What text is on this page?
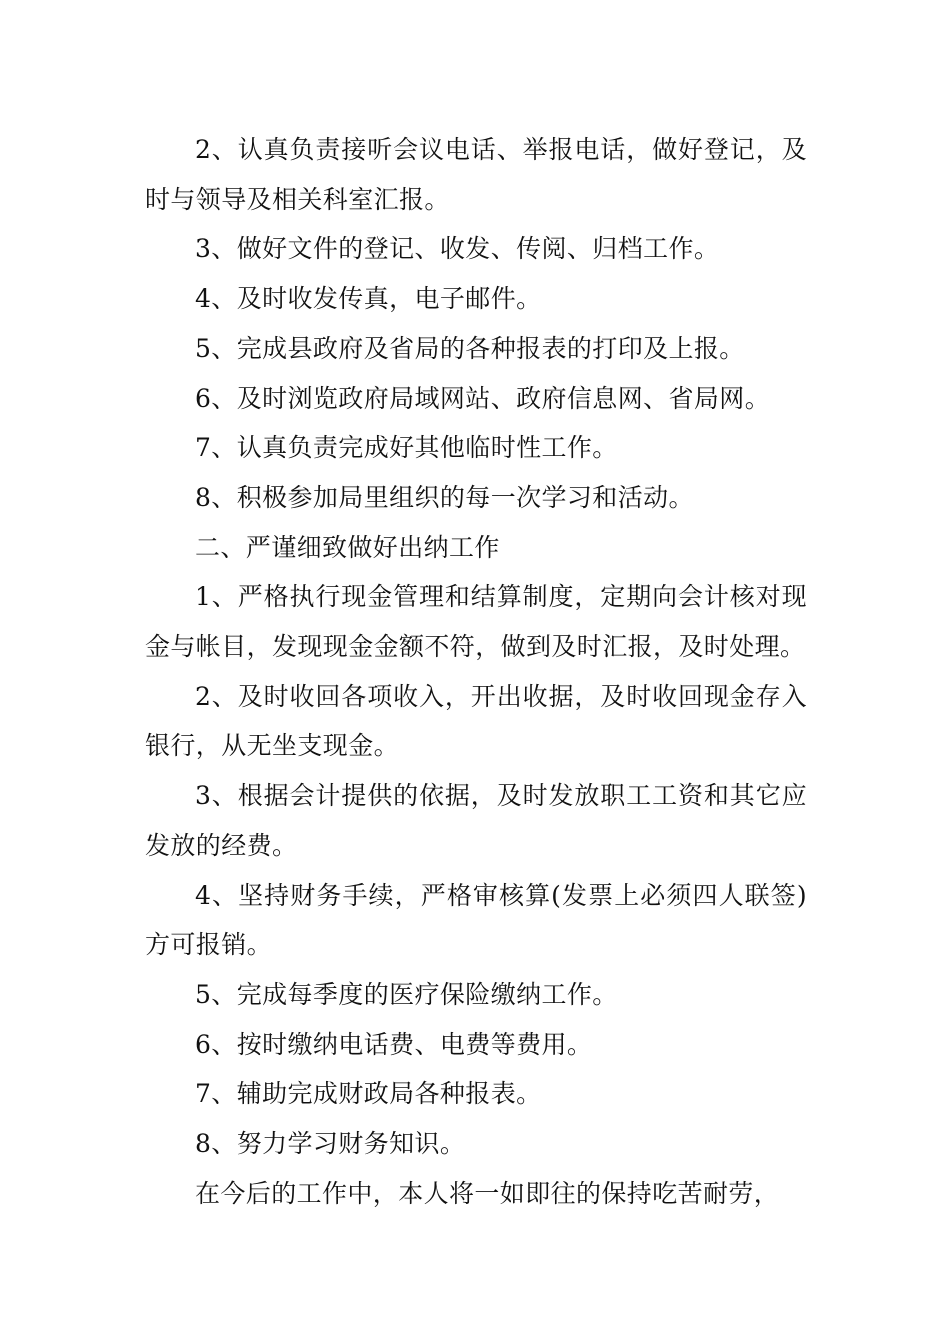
2、认真负责接听会议电话、举报电话，做好登记，及时与领导及相关科室汇报。

3、做好文件的登记、收发、传阅、归档工作。

4、及时收发传真，电子邮件。

5、完成县政府及省局的各种报表的打印及上报。

6、及时浏览政府局域网站、政府信息网、省局网。

7、认真负责完成好其他临时性工作。

8、积极参加局里组织的每一次学习和活动。

二、严谨细致做好出纳工作

1、严格执行现金管理和结算制度，定期向会计核对现金与帐目，发现现金金额不符，做到及时汇报，及时处理。

2、及时收回各项收入，开出收据，及时收回现金存入银行，从无坐支现金。

3、根据会计提供的依据，及时发放职工工资和其它应发放的经费。

4、坚持财务手续，严格审核算(发票上必须四人联签)方可报销。

5、完成每季度的医疗保险缴纳工作。

6、按时缴纳电话费、电费等费用。

7、辅助完成财政局各种报表。

8、努力学习财务知识。

在今后的工作中，本人将一如即往的保持吃苦耐劳，
